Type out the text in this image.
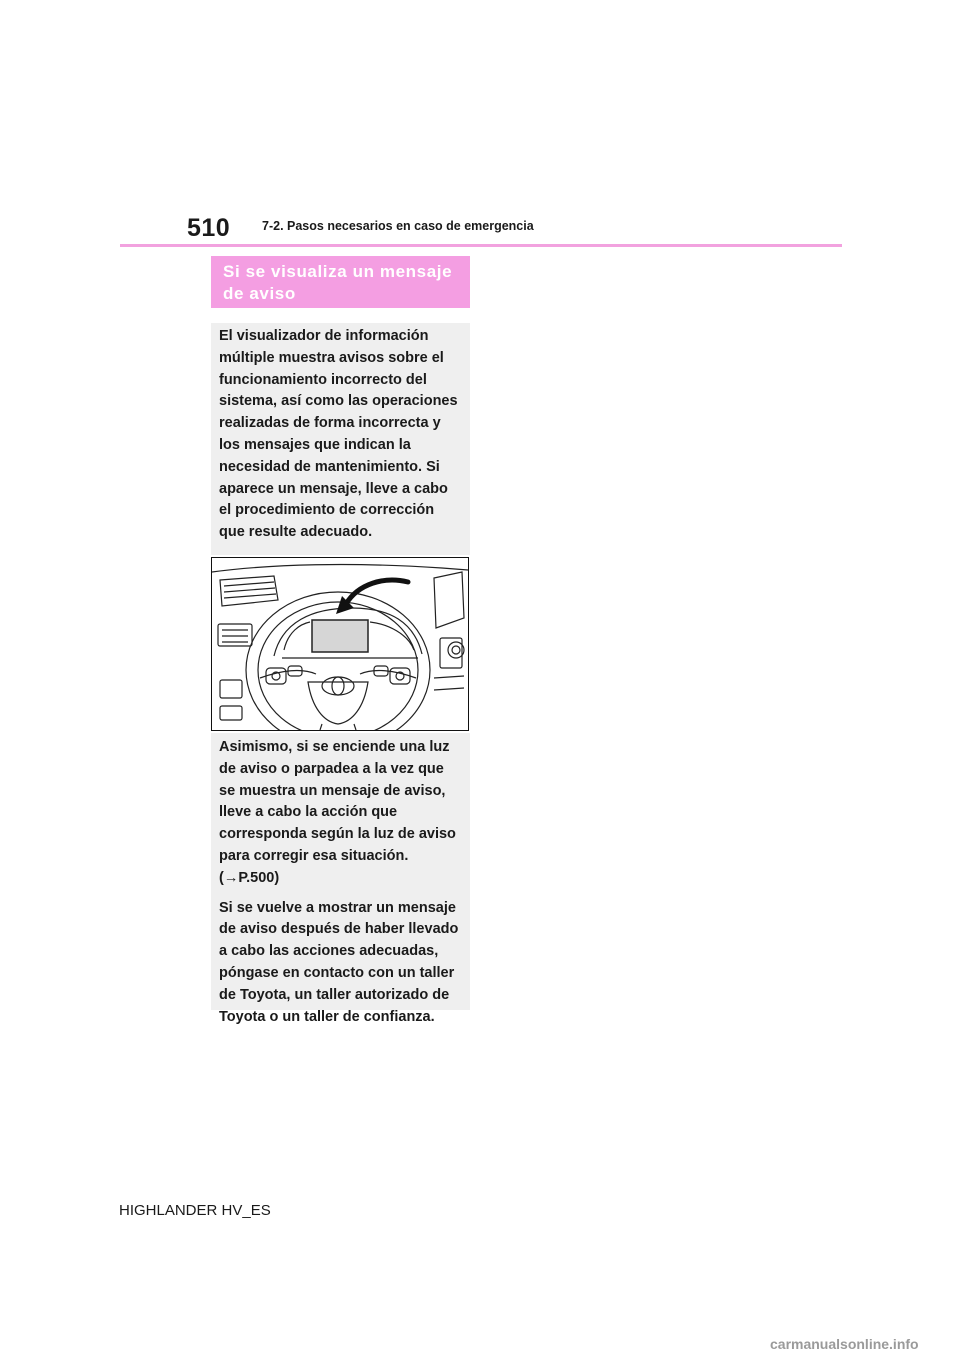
510	7-2. Pasos necesarios en caso de emergencia

Si se visualiza un mensaje de aviso

El visualizador de información múltiple muestra avisos sobre el funcionamiento incorrecto del sistema, así como las operaciones realizadas de forma incorrecta y los mensajes que indican la necesidad de mantenimiento. Si aparece un mensaje, lleve a cabo el procedimiento de corrección que resulte adecuado.

Asimismo, si se enciende una luz de aviso o parpadea a la vez que se muestra un mensaje de aviso, lleve a cabo la acción que corresponda según la luz de aviso para corregir esa situación. (→P.500)

Si se vuelve a mostrar un mensaje de aviso después de haber llevado a cabo las acciones adecuadas, póngase en contacto con un taller de Toyota, un taller autorizado de Toyota o un taller de confianza.

HIGHLANDER HV_ES
carmanualsonline.info
